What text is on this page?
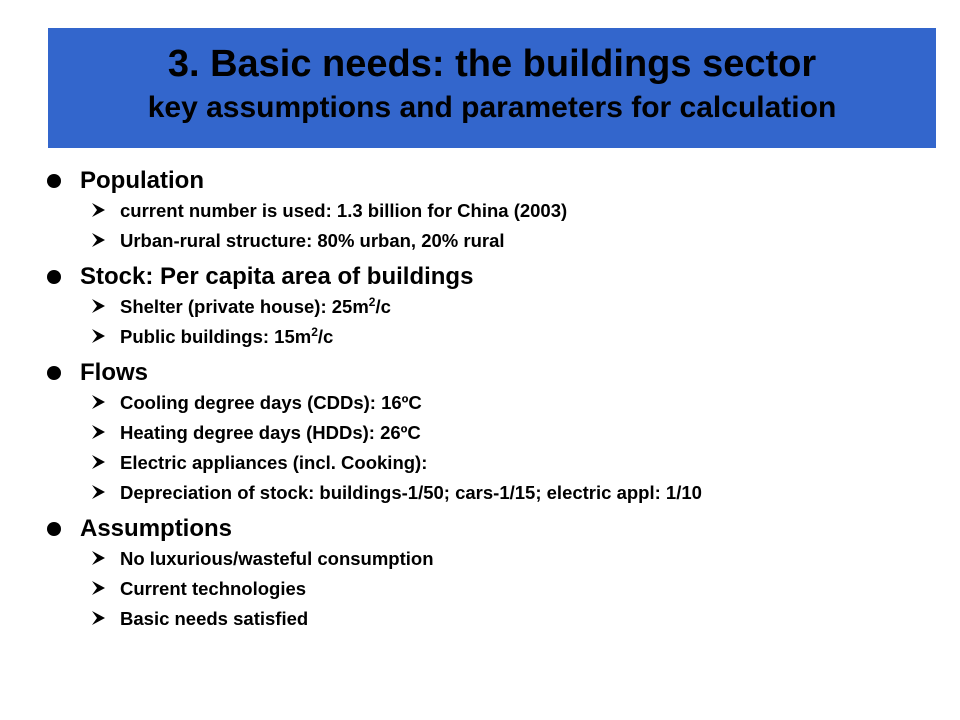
3. Basic needs: the buildings sector
key assumptions and parameters for calculation
Population
current number is used: 1.3 billion for China (2003)
Urban-rural structure: 80% urban, 20% rural
Stock: Per capita area of buildings
Shelter (private house): $25m^2/c$
Public buildings: $15m^2/c$
Flows
Cooling degree days (CDDs): 16ºC
Heating degree days (HDDs): 26ºC
Electric appliances (incl. Cooking):
Depreciation of stock: buildings-1/50; cars-1/15; electric appl: 1/10
Assumptions
No luxurious/wasteful consumption
Current technologies
Basic needs satisfied
